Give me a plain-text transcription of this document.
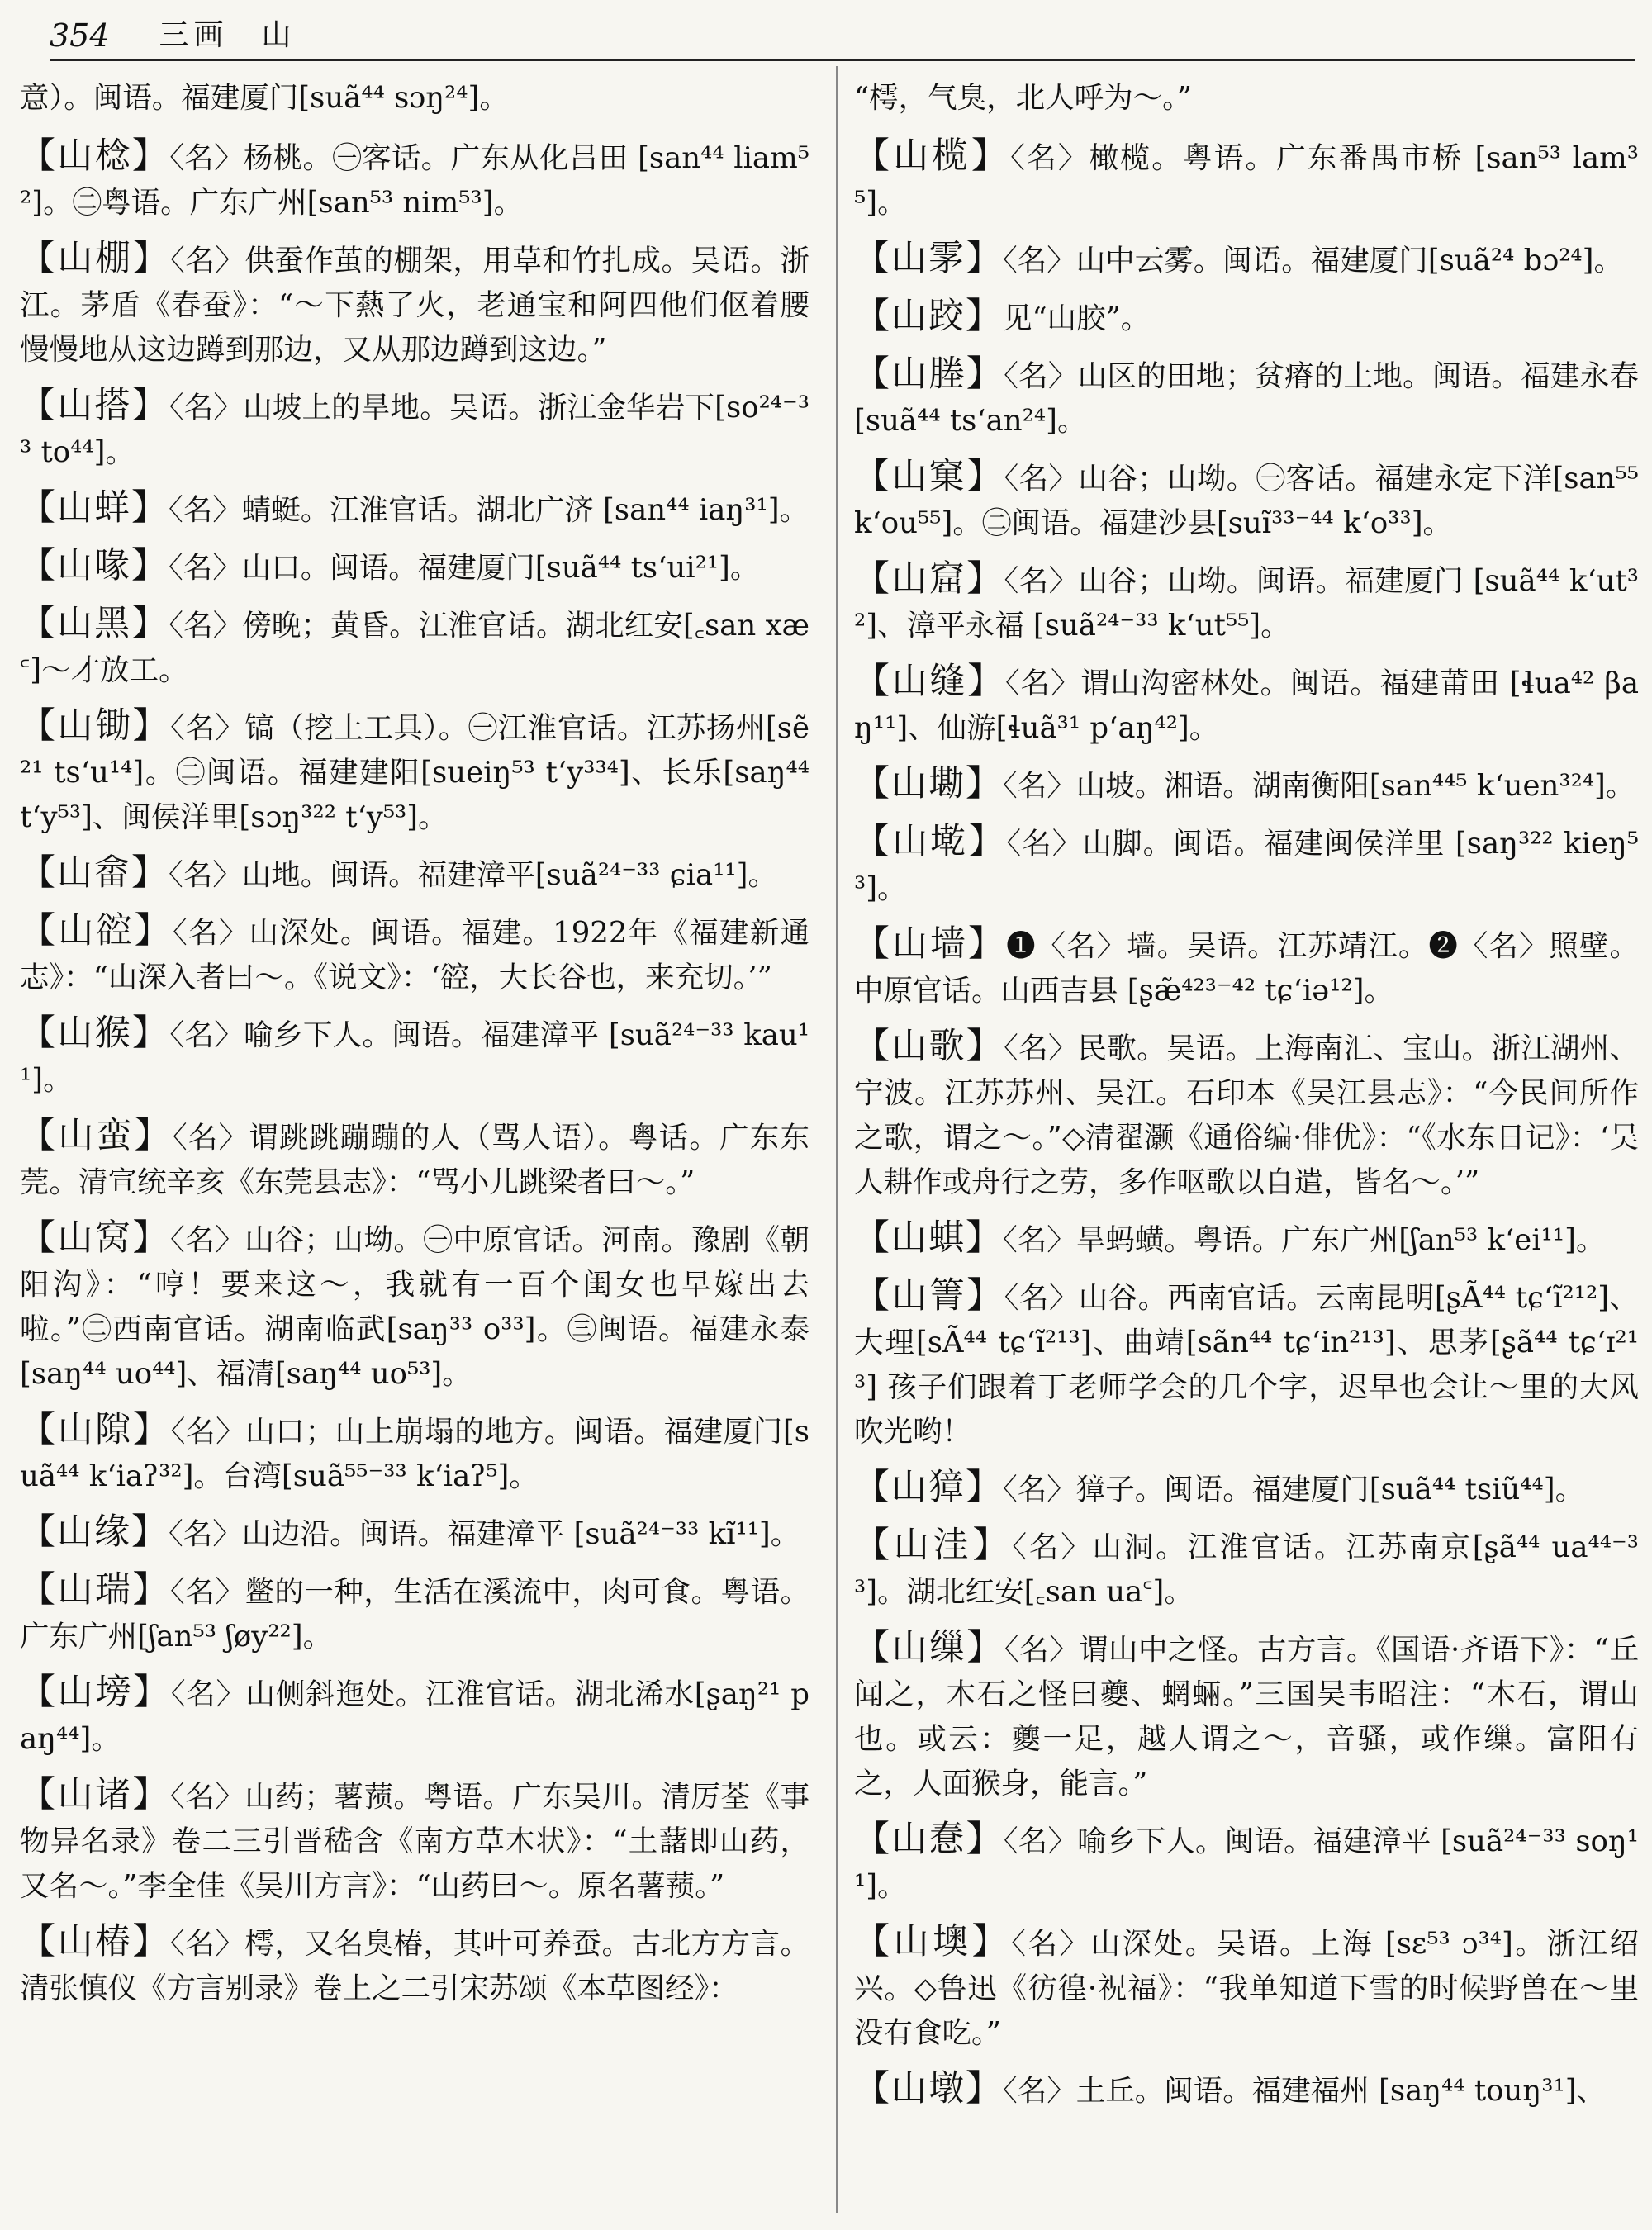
354 三画 山
意）。闽语。福建厦门[suã⁴⁴ sɔŋ²⁴]。
【山棯】〈名〉杨桃。㊀客话。广东从化吕田 [san⁴⁴ liam⁵²]。㊁粤语。广东广州[san⁵³ nim⁵³]。
【山棚】〈名〉供蚕作茧的棚架，用草和竹扎成。吴语。浙江。茅盾《春蚕》：“～下爇了火，老通宝和阿四他们伛着腰慢慢地从这边蹲到那边，又从那边蹲到这边。”
【山搭】〈名〉山坡上的旱地。吴语。浙江金华岩下[so²⁴⁻³³ to⁴⁴]。
【山蛘】〈名〉蜻蜓。江淮官话。湖北广济 [san⁴⁴ iaŋ³¹]。
【山喙】〈名〉山口。闽语。福建厦门[suã⁴⁴ ts‘ui²¹]。
【山黑】〈名〉傍晚；黄昏。江淮官话。湖北红安[꜀san xæ꜂]～才放工。
【山锄】〈名〉镐（挖土工具）。㊀江淮官话。江苏扬州[sẽ²¹ ts‘u¹⁴]。㊁闽语。福建建阳[sueiŋ⁵³ t‘y³³⁴]、长乐[saŋ⁴⁴ t‘y⁵³]、闽侯洋里[sɔŋ³²² t‘y⁵³]。
【山畲】〈名〉山地。闽语。福建漳平[suã²⁴⁻³³ ɕia¹¹]。
【山谾】〈名〉山深处。闽语。福建。1922年《福建新通志》：“山深入者曰～。《说文》：‘谾，大长谷也，来充切。’”
【山猴】〈名〉喻乡下人。闽语。福建漳平 [suã²⁴⁻³³ kau¹¹]。
【山蛮】〈名〉谓跳跳蹦蹦的人（骂人语）。粤话。广东东莞。清宣统辛亥《东莞县志》：“骂小儿跳梁者曰～。”
【山窝】〈名〉山谷；山坳。㊀中原官话。河南。豫剧《朝阳沟》：“哼！要来这～，我就有一百个闺女也早嫁出去啦。”㊁西南官话。湖南临武[saŋ³³ o³³]。㊂闽语。福建永泰[saŋ⁴⁴ uo⁴⁴]、福清[saŋ⁴⁴ uo⁵³]。
【山隙】〈名〉山口；山上崩塌的地方。闽语。福建厦门[suã⁴⁴ k‘iaʔ³²]。台湾[suã⁵⁵⁻³³ k‘iaʔ⁵]。
【山缘】〈名〉山边沿。闽语。福建漳平 [suã²⁴⁻³³ kĩ¹¹]。
【山瑞】〈名〉鳖的一种，生活在溪流中，肉可食。粤语。广东广州[ʃan⁵³ ʃøy²²]。
【山塝】〈名〉山侧斜迤处。江淮官话。湖北浠水[ʂaŋ²¹ paŋ⁴⁴]。
【山诸】〈名〉山药；薯蓣。粤语。广东吴川。清厉荃《事物异名录》卷二三引晋嵇含《南方草木状》：“土藷即山药，又名～。”李全佳《吴川方言》：“山药曰～。原名薯蓣。”
【山椿】〈名〉樗，又名臭椿，其叶可养蚕。古北方方言。清张慎仪《方言别录》卷上之二引宋苏颂《本草图经》：
“樗，气臭，北人呼为～。”
【山榄】〈名〉橄榄。粤语。广东番禺市桥 [san⁵³ lam³⁵]。
【山雺】〈名〉山中云雾。闽语。福建厦门[suã²⁴ bɔ²⁴]。
【山跤】见“山胶”。
【山塍】〈名〉山区的田地；贫瘠的土地。闽语。福建永春 [suã⁴⁴ ts‘an²⁴]。
【山窠】〈名〉山谷；山坳。㊀客话。福建永定下洋[san⁵⁵ k‘ou⁵⁵]。㊁闽语。福建沙县[suĩ³³⁻⁴⁴ k‘o³³]。
【山窟】〈名〉山谷；山坳。闽语。福建厦门 [suã⁴⁴ k‘ut³²]、漳平永福 [suã²⁴⁻³³ k‘ut⁵⁵]。
【山缝】〈名〉谓山沟密林处。闽语。福建莆田 [ɬua⁴² βaŋ¹¹]、仙游[ɬuã³¹ p‘aŋ⁴²]。
【山墈】〈名〉山坡。湘语。湖南衡阳[san⁴⁴⁵ k‘uen³²⁴]。
【山墘】〈名〉山脚。闽语。福建闽侯洋里 [saŋ³²² kieŋ⁵³]。
【山墙】❶〈名〉墙。吴语。江苏靖江。❷〈名〉照壁。中原官话。山西吉县 [ʂæ̃⁴²³⁻⁴² tɕ‘iə¹²]。
【山歌】〈名〉民歌。吴语。上海南汇、宝山。浙江湖州、宁波。江苏苏州、吴江。石印本《吴江县志》：“今民间所作之歌，谓之～。”◇清翟灏《通俗编·俳优》：“《水东日记》：‘吴人耕作或舟行之劳，多作呕歌以自遣，皆名～。’”
【山蜞】〈名〉旱蚂蟥。粤语。广东广州[ʃan⁵³ k‘ei¹¹]。
【山箐】〈名〉山谷。西南官话。云南昆明[ʂÃ⁴⁴ tɕ‘ĩ²¹²]、大理[sÃ⁴⁴ tɕ‘ĩ²¹³]、曲靖[sãn⁴⁴ tɕ‘in²¹³]、思茅[ʂã⁴⁴ tɕ‘ɪ²¹³] 孩子们跟着丁老师学会的几个字，迟早也会让～里的大风吹光哟！
【山獐】〈名〉獐子。闽语。福建厦门[suã⁴⁴ tsiũ⁴⁴]。
【山洼】〈名〉山洞。江淮官话。江苏南京[ʂã⁴⁴ ua⁴⁴⁻³³]。湖北红安[꜀san ua꜂]。
【山缫】〈名〉谓山中之怪。古方言。《国语·齐语下》：“丘闻之，木石之怪曰夔、蝄蜽。”三国吴韦昭注：“木石，谓山也。或云：夔一足，越人谓之～，音骚，或作缫。富阳有之，人面猴身，能言。”
【山惷】〈名〉喻乡下人。闽语。福建漳平 [suã²⁴⁻³³ soŋ¹¹]。
【山墺】〈名〉山深处。吴语。上海 [sɛ⁵³ ɔ³⁴]。浙江绍兴。◇鲁迅《彷徨·祝福》：“我单知道下雪的时候野兽在～里没有食吃。”
【山墩】〈名〉土丘。闽语。福建福州 [saŋ⁴⁴ touŋ³¹]、
